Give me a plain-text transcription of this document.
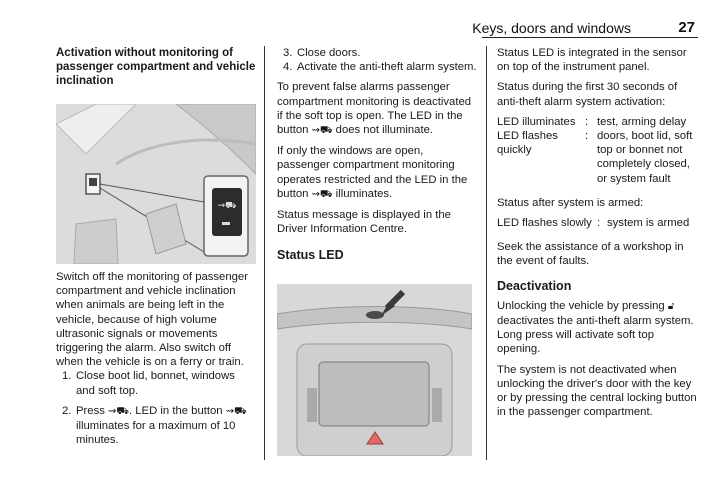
Keys, doors and windows	27

Activation without monitoring of passenger compartment and vehicle inclination

⇝⛟

Switch off the monitoring of passenger compartment and vehicle inclination when animals are being left in the vehicle, because of high volume ultrasonic signals or movements triggering the alarm. Also switch off when the vehicle is on a ferry or train.

1. Close boot lid, bonnet, windows and soft top.
2. Press ⇝⛟. LED in the button ⇝⛟ illuminates for a maximum of 10 minutes.
3. Close doors.
4. Activate the anti-theft alarm system.

To prevent false alarms passenger compartment monitoring is deactivated if the soft top is open. The LED in the button ⇝⛟ does not illuminate.

If only the windows are open, passenger compartment monitoring operates restricted and the LED in the button ⇝⛟ illuminates.

Status message is displayed in the Driver Information Centre.

Status LED

Status LED is integrated in the sensor on top of the instrument panel.

Status during the first 30 seconds of anti-theft alarm system activation:

LED illuminates : test, arming delay
LED flashes quickly
: doors, boot lid, soft top or bonnet not completely closed, or system fault

Status after system is armed:

LED flashes slowly : system is armed

Seek the assistance of a workshop in the event of faults.

Deactivation

Unlocking the vehicle by pressing 🔓︎ deactivates the anti-theft alarm system. Long press will activate soft top opening.

The system is not deactivated when unlocking the driver's door with the key or by pressing the central locking button in the passenger compartment.
